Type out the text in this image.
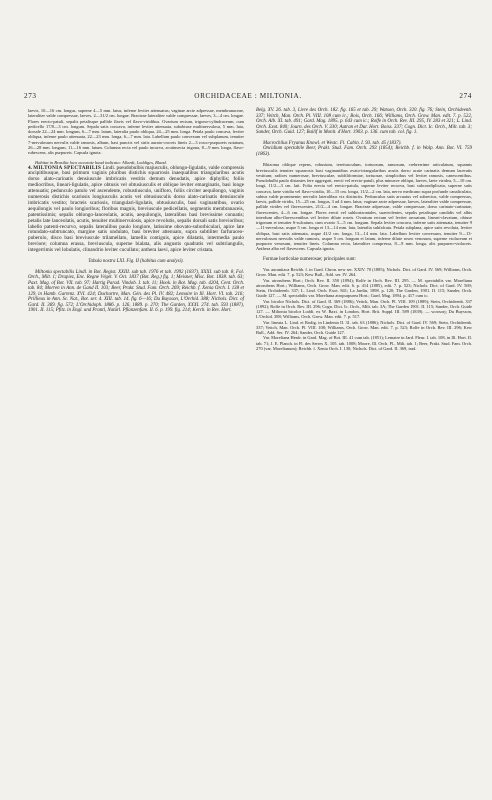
273	ORCHIDACEAE : MILTONIA.	274

laevis, 10—16 cm. longus, superne 4—5 mm. latus, inferne leviter attenuatus; vaginae arcte adpressae, membranaceae, lateraliter valde compressae, laeves, 2—31/2 cm. longae. Bracteae lateraliter valde compressae, laeves, 3—4 cm. longae. Flores erecto-patuli, sepalis petalisque pallide flavis vel flavo-viridibus. Ovarium rectum, trigono-cylindraceum, cum pedicello 17/8—3 cm. longum. Sepala satis concava, inferne leviter attenuata, subobtuse multinervulosa, 5 mm. lata, dorsale 22—24 mm. longum, 6—7 mm. latum, lateralia paulo obliqua, 24—25 mm. longa. Petala paulo concava, leviter obliqua, inferne paulo attenuata, 22—23 mm. longa, 6—7 mm. lata. Labellum paulo convexum vel subplanum, tenuiter 7-nervulosum nervulis valde ramosis, album, basi punctis vel striis aurato-croceis lineis 2—3 rosco-purpureis notatum, 26—28 mm. longum, 11—16 mm. latum. Columna recta vel paulo incurva, acutinsecta trigona, 8—9 mm. longa, flavo-rubescens, alis purpureis. Capsula ignota.

Habitat in Brasilia loco accurate haud indicato: Allardt, Loddiges, Bland.

4. MILTONIA SPECTABILIS Lindl. pseudobulbis majusculis, oblongo-ligulatis, valde compressis ancipitibusque, basi primum vaginis pluribus distichis squarrosis inaequalibus triangularibus acutis dorso alato-carinatis densiuscule imbricatis vestitis demum denudatis, apice diphyllis; foliis mediocribus, lineari-ligulatis, apice obtusis vel obtusiusculis et oblique leviter emarginatis, basi longe attenuatis; pedunculo patulo vel ascendente, robustiusculo, unifloro, foliis circiter aequilongo, vaginis numerosis distichis scariosis longiusculis acutis vel obtusiusculis dorso alato-carinatis densiuscule imbricatis vestito; bracteis scariosis, triangulari-ligulatis, obtusiusculis, basi vaginantibus, ovario aequilongis vel paulo longioribus; floribus magnis, breviuscule pedicellatis, segmentis membranaceis, patentissimis; sepalis oblongo-lanceolatis, acutis, aequilongis, lateralibus basi brevissime connatis; petalis late lanceolatis, acutis, tenuiter multinervulosis, apice revolutis, sepalis dorsali satis brevioribus; labello patenti-recurvo, sepalis lateralibus paulo longiore, latissime obovato-suborbiculari, apice late rotundato-subtruncato, margine satis undulato, basi breviter attenuato, supra subtiliter farfuraceo-puberulo, disco basi breviuscule trilamellato, lamellis contiguis, apice dilatatis, intermedia paulo breviore; columna erassa, breviuscula, superne bialata, alis angustis quadratis vel subtriangulis, integerrimis vel lobulatis, clinandrio leviter cucullato; anthera laevi, apice leviter cristata.

Tabula nostra LXI. Fig. II (habitus cum analysi).

Miltonia spectabilis Lindl. in Bot. Regist. XXIII. sub tab. 1976 et tab. 1992 (1837), XXXI. sub tab. 8, Fol. Orch., Milt. 1; Drapiez, Enc. Regne Végét. V. Oct. 1837 (Bot. Reg.) fig. 1; Meisner, Misc. Bot. 1838. tab. 63; Paxt. Mag. of Bot. VII. tab. 97; Hartig Parad. Vindob. I. tab. 11; Hook. in Bot. Mag. tab. 4204, Cent. Orch. tab. 84; Morren in Ann. de Gand II. 103; Beer, Prakt. Stud. Fam. Orch. 269; Reichb. f. Xenia Orch. I. 138 et 129, in Hamb. Gartenz. XVI. 424; Duchartre, Man. Gén. des Pl. IV. 482; Lemaire in Ill. Hort. VI. tab. 216; Prillieux in Ann. Sc. Nat., Bot. ser. 4. XIII. tab. 14. fig. 6—16; Du Buysson, L'Orchid. 388; Nichols. Dict. of Gard. II. 369. fig. 572; L'Orchidoph. 1886. p. 126, 1889. p. 270; The Garden, XXXI. 274. tab. 593 (1887), 1901. II. 115; Pfitz. in Engl. und Prantl, Natürl. Pflanzenfam. II. 6. p. 199. fig. 214; Kerch. in Rev. Hort.

Belg. XV. 26. tab. 3, Livre des Orch. 182. fig. 165 et tab. 29; Watson, Orch. 320. fig. 76; Stein, Orchideenb. 337; Veitch, Man. Orch. Pl. VIII. 108 cum ic.; Bois, Orch. 166; Williams, Orch. Grow. Man. edit. 7. p. 522, Orch. Alb. XI. tab. 491; Gard. Mag. 1895. p. 643 cum ic.; Rolfe in Orch. Rev. III. 295, IV. 283 et 321; L. Lind. Orch. Exot. 840; Journ. des Orch. V. 330; Autran et Dur. Hort. Boiss. 337; Cogn. Dict. Ic. Orch., Milt. tab. 3; Sander, Orch. Guid. 127; Bailif in Monit. d'Hort. 1903. p. 136. cum tab. col. fig. 1.

Macrochilus Fryanus Knowl. et Westc. Fl. Cabin. I. 93. tab. 45 (1837).

Oncidium spectabile Beer, Prakt. Stud. Fam. Orch. 293 (1854); Reichb. f. in Walp. Ann. Bot. VI. 759 (1863).

Rhizoma oblique repens, robustum, teretiusculum, tortuosum, ramosum, crebrerrime articulatum, squamis breviusculis tenuiter squarrosis basi vaginantibus ovato-triangularibus acutis dorso acute carinatis demum laceratis vestitum; radices numerosae, breviusculae, subfiliformiae, tortuosae, simplicibus vel leviter ramosis, canescentibus. Pseudobulbi paulo distantes fere aggregati, erecti vel erecto-patuli, plus minusve obliqui, laeves, laete viridea, 5—10 cm. longi, 11/2—3 cm. lati. Folia erecta vel erecto-patula, superne leviter recurva, basi subcondiplicata, superne satis concava, laete viridia vel flavo-viridia, 10—15 cm. longa, 11/2—2 cm. lata, nervo medicano supra profunde canaliculato, subtus valde prominente; nervulis lateralibus vix distinctis. Pedunculus satis arcuatus vel subrectus, valde compressus, laevis, pallide viridis, 15—25 cm. longus, 3 ad 4 mm. latus; vaginae arcte adpressae, laeves, lateraliter valde compressae, pallide virides vel flavescentes, 21/2—4 cm. longae. Bracteae adpressae, valde compressae, dorso carinato-carinatae, flavescentes, 4—6 cm. longae. Flores erecti vel subhorizontales, suaveolentes, sepalis petalisque candidis vel albis interdum albo-flavescentibus vel leviter dilute roseis. Ovarium rectum vel leviter arcuatum, lineari-clavatum, obtuse trigonum et tenuiter 6-sulcatum, cum ovario 3—5 cm. longum. Sepala leviter concava, inferne satis attenuata, tenuiter 9—11-nervulosa, usque 5 cm. longa et 13—14 mm. lata, lateralia subfalcata. Petala subplana, apice satis revoluta, leviter obliqua, basi satis attenuata, usque 41/2 cm. longa, 13—14 mm. lata. Labellum leviter convexum, tenuiter 9—13-nervulosum nervulis valde ramosis, usque 5 cm. longum et latum, inferne dilute roseo venosum, superne violaceum et purpureo venosum, tenuiter lineis. Columna recta, lateraliter compressa, 8—9 mm. longa, alis purpureo-violaceis. Anthera alba vel flavescens. Capsula ignota.

Formae horticolae numerosae; principales sunt:

Var. aurantiaca Reichb. f. in Gard. Chron. new ser. XXIV. 70 (1885); Nichols. Dict. of Gard. IV. 569; Williams, Orch. Grow. Man. edit. 7. p. 523; Kew Bull., Add. ser. IV. 264.

Var. atrorubens Hort.; Orch. Rev. II. 350 (1894); Rolfe in Orch. Rev. III. 295. — M. spectabilis var. Moreliana atrorubens Hort.; Williams, Orch. Grow. Man. edit. 6. p. 414 (1885), edit. 7. p. 523; Nichols. Dict. of Gard. IV. 569; Stein, Orchideenb. 337; L. Lind. Orch. Exot. 841; La Jardin, 1898. p. 120; The Garden, 1901. II. 115; Sander, Orch. Guide 127. — M. spectabilis var. Moreliana atropurpurea Hort.; Gard. Mag. 1894. p. 417 cum ic.

Var. bicolor Nichols. Dict. of Gard. II. 369 (1886); Veitch, Man. Orch. Pl. VIII. 109 (1889); Stein, Orchideenb. 337 (1892); Rolfe in Orch. Rev. III. 296; Cogn. Dict. Ic. Orch., Milt. tab. 3A; The Garden 1901. II. 115; Sander, Orch. Guide 127. — Miltonia bicolor Loddi. ex W. Baxt. in London, Hort. Brit. Suppl. III. 589 (1839). — woosorj; Du Buysson, L'Orchid. 388; Williams, Orch. Grow. Man. edit. 7. p. 517.

Var. lineata L. Lind. et Rodig. in Lindenia II. 31. tab. 63 (1886); Nichols. Dict. of Gard. IV. 569; Stein, Orchideenb. 337; Veitch, Man. Orch. Pl. VIII. 108; Williams, Orch. Grow. Man. edit. 7. p. 523; Rolfe in Orch. Rev. III. 296; Kew Bull., Add. Ser. IV. 264; Sander, Orch. Guide 127.

Var. Moreliana Henfr. in Gard. Mag. of Bot. III. 41 cum tab. (1851); Lemaire in Jard. Fleur. I. tab. 108, in Ill. Hort. II. tab. 71; J. E. Planch. in Fl. des Serres X. 105. tab. 1008; Moore, Ill. Orch. Pl., Milt. tab. 1; Beer, Prakt. Stud. Fam. Orch. 270 (var. Morelianum); Reichb. f. Xenia Orch. I. 130; Nichols. Dict. of Gard. II. 369, trad.
